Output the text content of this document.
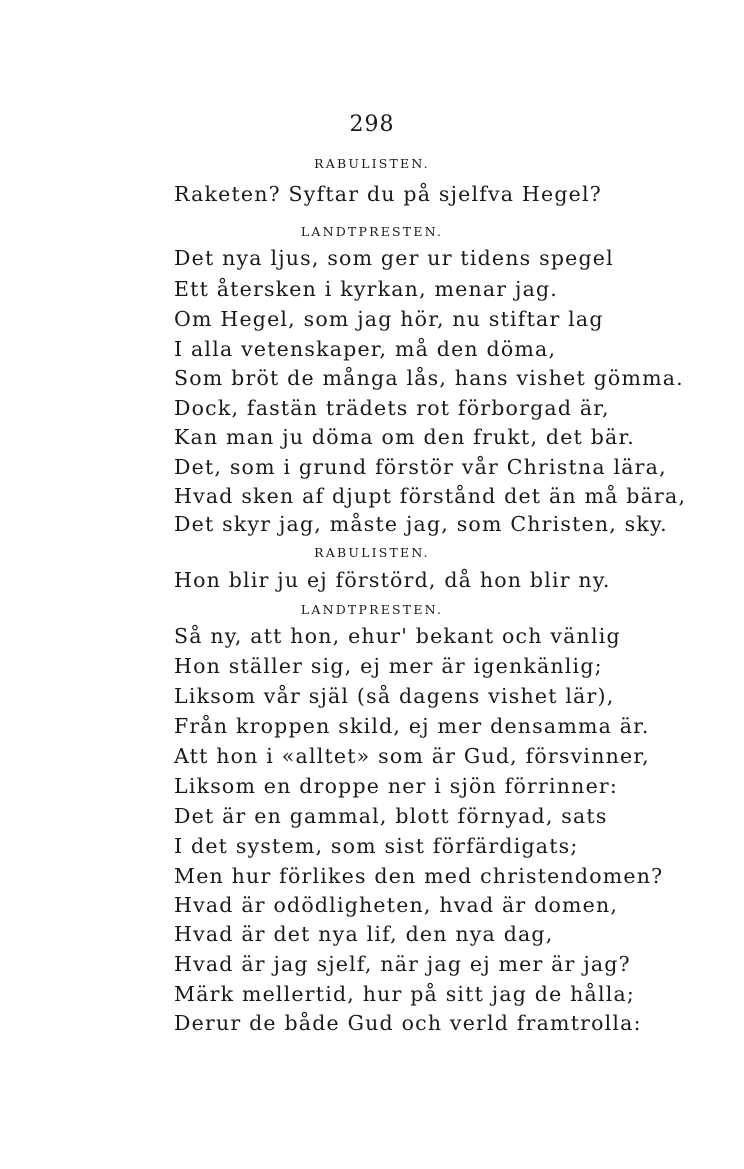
298
RABULISTEN.
Raketen? Syftar du på sjelfva Hegel?
LANDTPRESTEN.
Det nya ljus, som ger ur tidens spegel
Ett återsken i kyrkan, menar jag.
Om Hegel, som jag hör, nu stiftar lag
I alla vetenskaper, må den döma,
Som bröt de många lås, hans vishet gömma.
Dock, fastän trädets rot förborgad är,
Kan man ju döma om den frukt, det bär.
Det, som i grund förstör vår Christna lära,
Hvad sken af djupt förstånd det än må bära,
Det skyr jag, måste jag, som Christen, sky.
RABULISTEN.
Hon blir ju ej förstörd, då hon blir ny.
LANDTPRESTEN.
Så ny, att hon, ehur' bekant och vänlig
Hon ställer sig, ej mer är igenkänlig;
Liksom vår själ (så dagens vishet lär),
Från kroppen skild, ej mer densamma är.
Att hon i «alltet» som är Gud, försvinner,
Liksom en droppe ner i sjön förrinner:
Det är en gammal, blott förnyad, sats
I det system, som sist förfärdigats;
Men hur förlikes den med christendomen?
Hvad är odödligheten, hvad är domen,
Hvad är det nya lif, den nya dag,
Hvad är jag sjelf, när jag ej mer är jag?
Märk mellertid, hur på sitt jag de hålla;
Derur de både Gud och verld framtrolla:
